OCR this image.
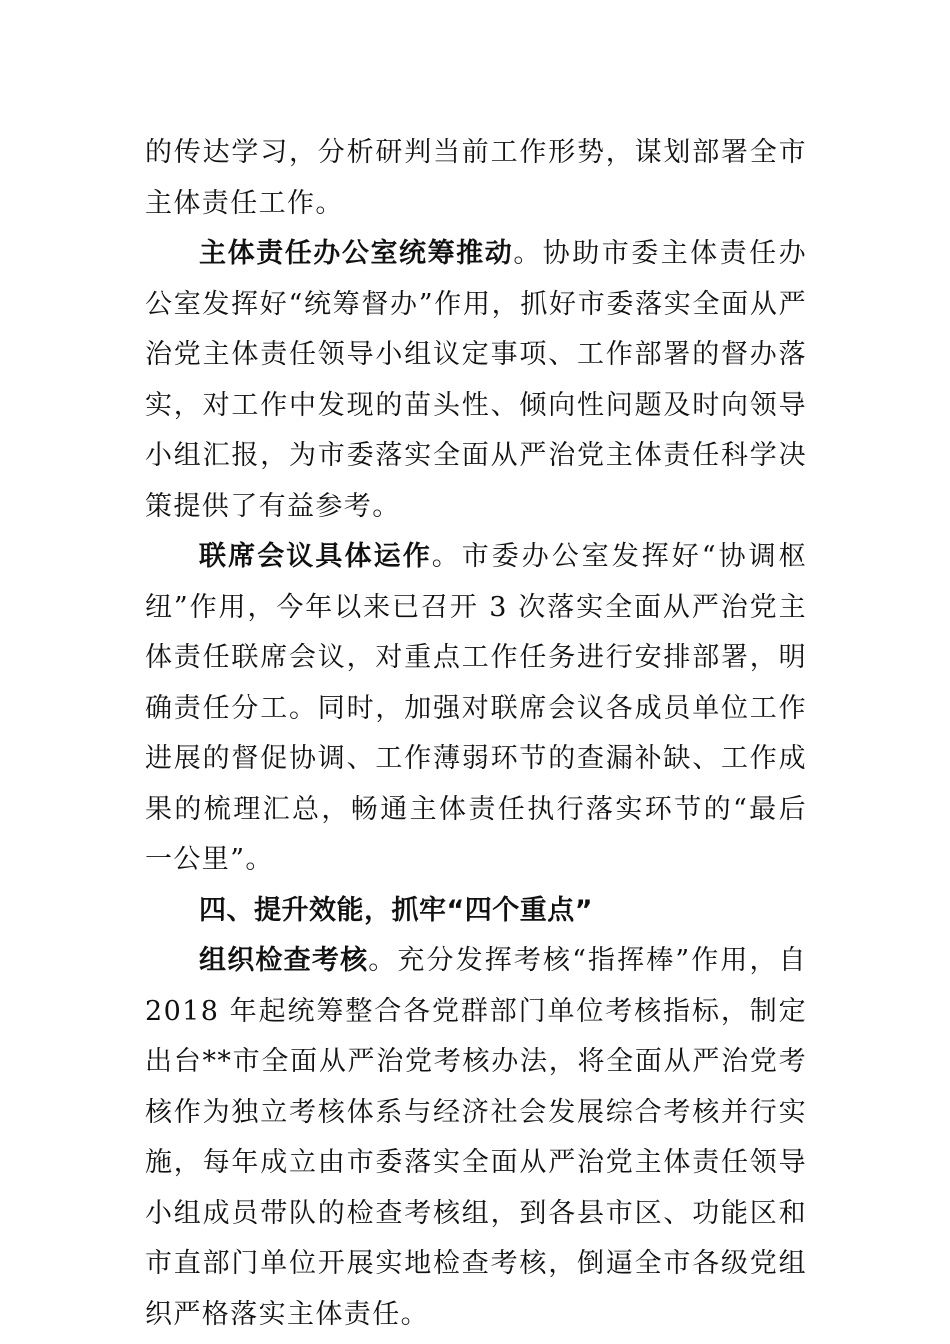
的传达学习，分析研判当前工作形势，谋划部署全市主体责任工作。

主体责任办公室统筹推动。协助市委主体责任办公室发挥好“统筹督办”作用，抓好市委落实全面从严治党主体责任领导小组议定事项、工作部署的督办落实，对工作中发现的苗头性、倾向性问题及时向领导小组汇报，为市委落实全面从严治党主体责任科学决策提供了有益参考。

联席会议具体运作。市委办公室发挥好“协调枢纽”作用，今年以来已召开 3 次落实全面从严治党主体责任联席会议，对重点工作任务进行安排部署，明确责任分工。同时，加强对联席会议各成员单位工作进展的督促协调、工作薄弱环节的查漏补缺、工作成果的梳理汇总，畅通主体责任执行落实环节的“最后一公里”。

四、提升效能，抓牢“四个重点”

组织检查考核。充分发挥考核“指挥棒”作用，自 2018 年起统筹整合各党群部门单位考核指标，制定出台**市全面从严治党考核办法，将全面从严治党考核作为独立考核体系与经济社会发展综合考核并行实施，每年成立由市委落实全面从严治党主体责任领导小组成员带队的检查考核组，到各县市区、功能区和市直部门单位开展实地检查考核，倒逼全市各级党组织严格落实主体责任。
